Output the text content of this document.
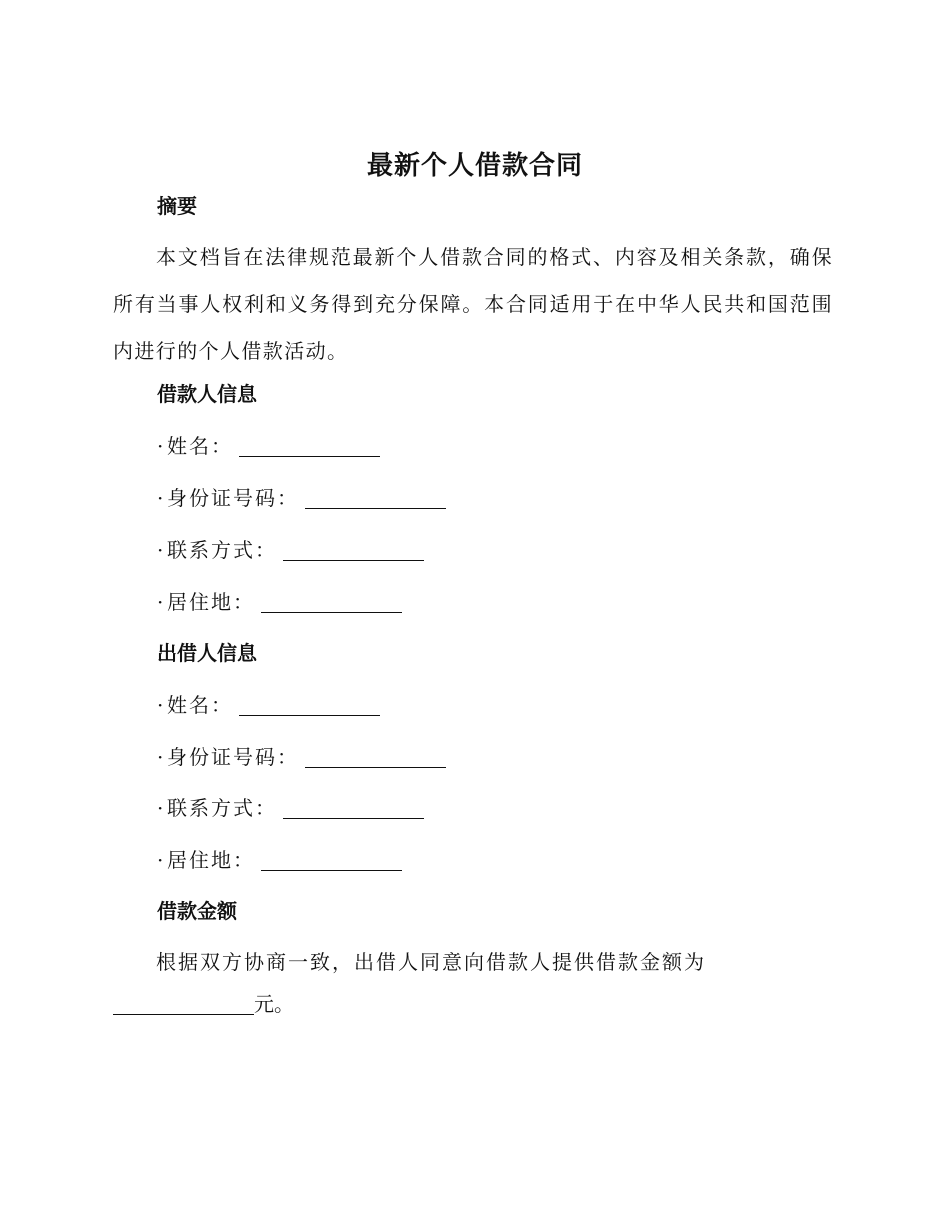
最新个人借款合同
摘要

本文档旨在法律规范最新个人借款合同的格式、内容及相关条款，确保所有当事人权利和义务得到充分保障。本合同适用于在中华人民共和国范围内进行的个人借款活动。

借款人信息

· 姓名：

· 身份证号码：

· 联系方式：

· 居住地：

出借人信息

· 姓名：

· 身份证号码：

· 联系方式：

· 居住地：

借款金额

根据双方协商一致，出借人同意向借款人提供借款金额为

元。
